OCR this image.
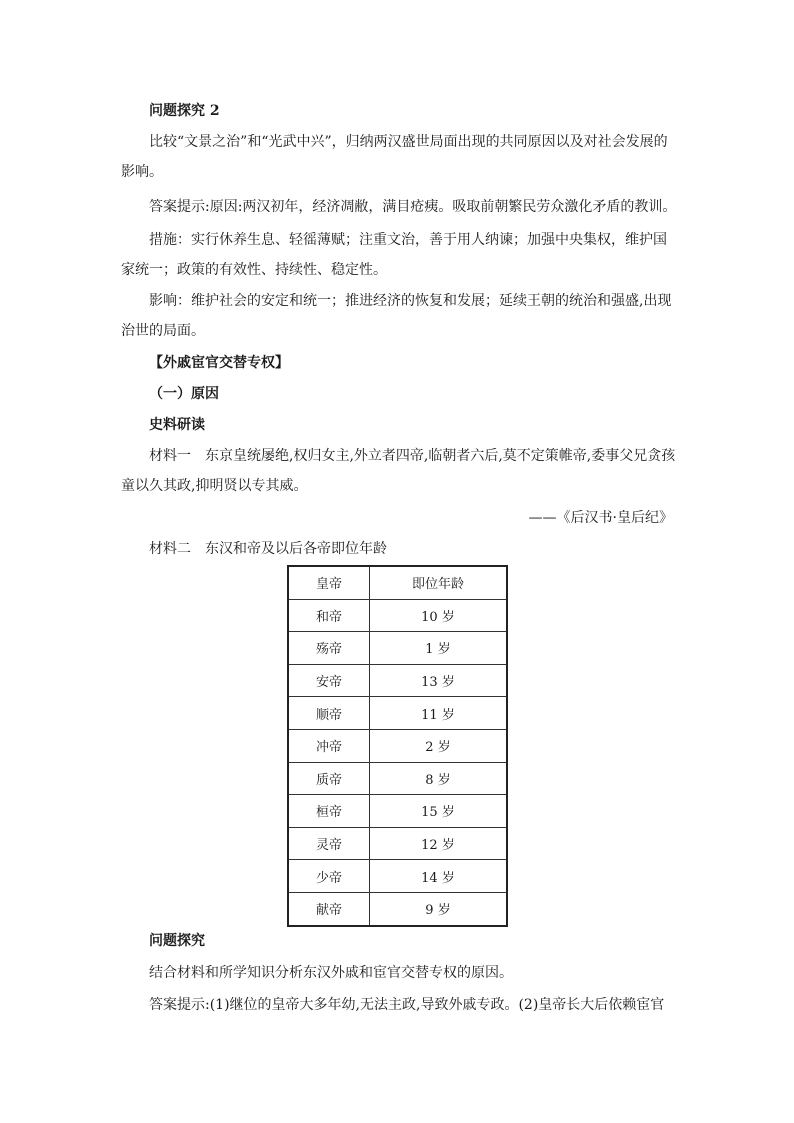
问题探究 2

比较“文景之治”和“光武中兴”，归纳两汉盛世局面出现的共同原因以及对社会发展的影响。

答案提示:原因:两汉初年，经济凋敝，满目疮痍。吸取前朝繁民劳众激化矛盾的教训。

措施：实行休养生息、轻徭薄赋；注重文治，善于用人纳谏；加强中央集权，维护国家统一；政策的有效性、持续性、稳定性。

影响：维护社会的安定和统一；推进经济的恢复和发展；延续王朝的统治和强盛,出现治世的局面。

【外戚宦官交替专权】

（一）原因

史料研读

材料一　东京皇统屡绝,权归女主,外立者四帝,临朝者六后,莫不定策帷帝,委事父兄贪孩童以久其政,抑明贤以专其威。

——《后汉书·皇后纪》

材料二　东汉和帝及以后各帝即位年龄

皇帝	即位年龄
和帝	10 岁
殇帝	1 岁
安帝	13 岁
顺帝	11 岁
冲帝	2 岁
质帝	8 岁
桓帝	15 岁
灵帝	12 岁
少帝	14 岁
献帝	9 岁

问题探究

结合材料和所学知识分析东汉外戚和宦官交替专权的原因。

答案提示:(1)继位的皇帝大多年幼,无法主政,导致外戚专政。(2)皇帝长大后依赖宦官
